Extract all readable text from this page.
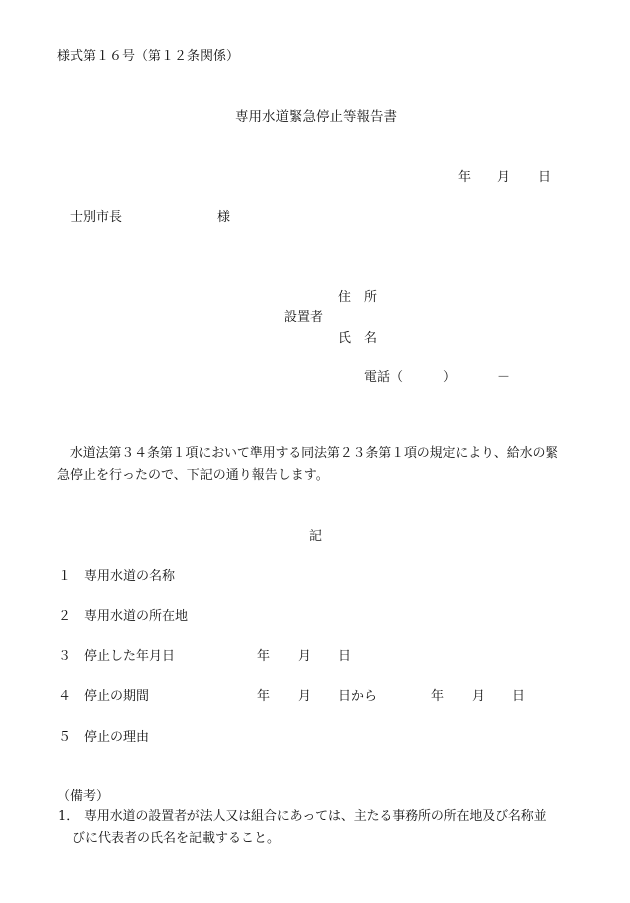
様式第１６号（第１２条関係）
専用水道緊急停止等報告書
年 月 日
士別市長	様
住　所
設置者
氏　名
電話（	）	－
　水道法第３４条第１項において準用する同法第２３条第１項の規定により、給水の緊
急停止を行ったので、下記の通り報告します。
記
１ 専用水道の名称
２ 専用水道の所在地
３ 停止した年月日	年 月 日
４ 停止の期間	年 月 日から	年 月 日
５ 停止の理由
（備考）
1． 専用水道の設置者が法人又は組合にあっては、主たる事務所の所在地及び名称並
びに代表者の氏名を記載すること。
